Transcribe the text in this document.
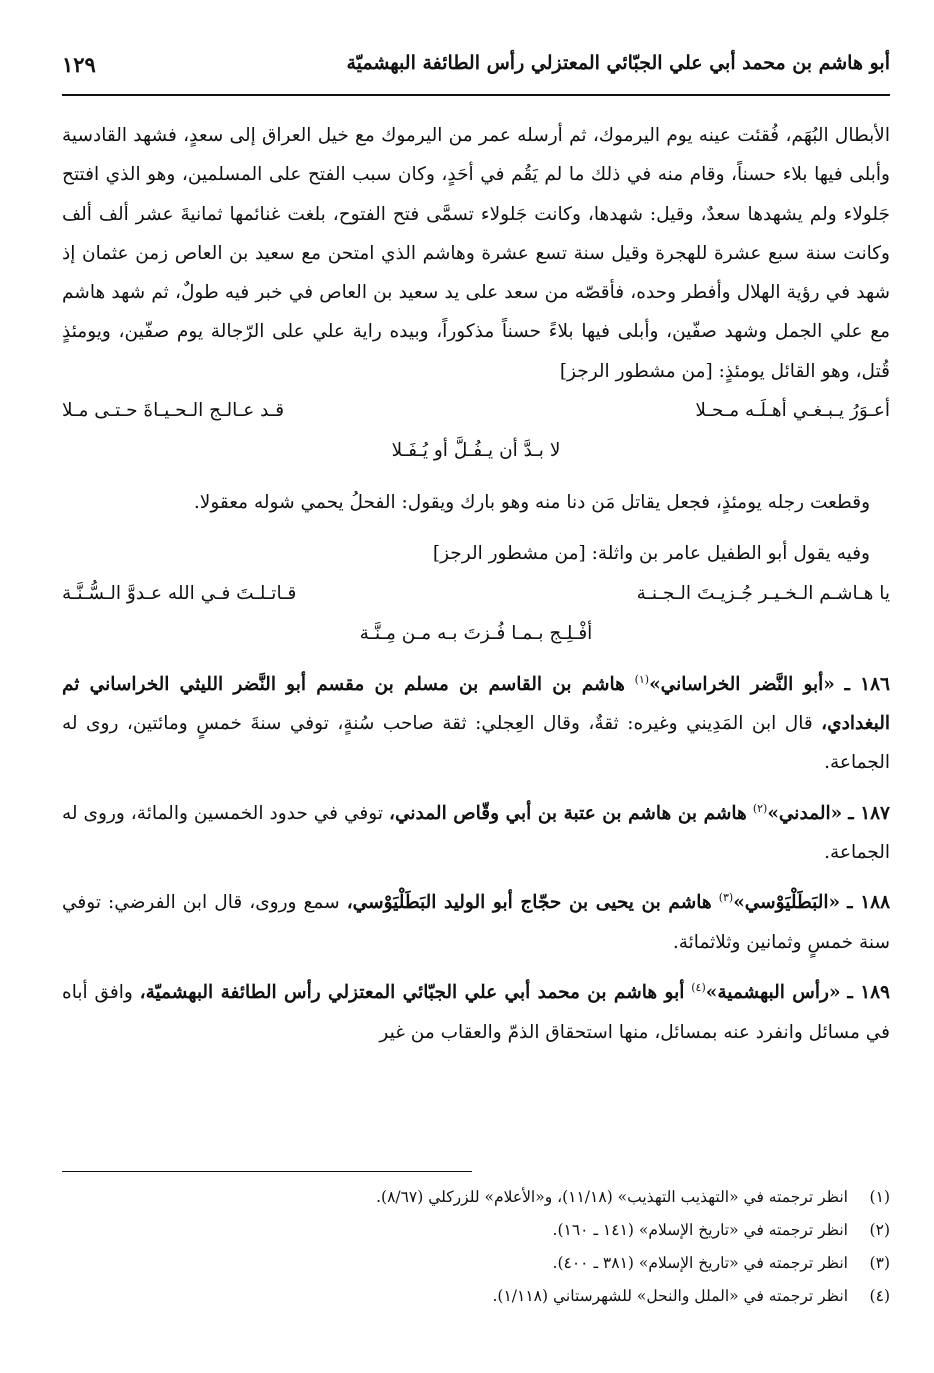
أبو هاشم بن محمد أبي علي الجبّائي المعتزلي رأس الطائفة البهشميّة
١٢٩

الأبطال البُهَم، فُقئت عينه يوم اليرموك، ثم أرسله عمر من اليرموك مع خيل العراق إلى سعدٍ، فشهد القادسية وأبلى فيها بلاء حسناً، وقام منه في ذلك ما لم يَقُم في أحَدٍ، وكان سبب الفتح على المسلمين، وهو الذي افتتح جَلولاء ولم يشهدها سعدٌ، وقيل: شهدها، وكانت جَلولاء تسمَّى فتح الفتوح، بلغت غنائمها ثمانيةَ عشر ألف ألف وكانت سنة سبع عشرة للهجرة وقيل سنة تسع عشرة وهاشم الذي امتحن مع سعيد بن العاص زمن عثمان إذ شهد في رؤية الهلال وأفطر وحده، فأقصّه من سعد على يد سعيد بن العاص في خبر فيه طولٌ، ثم شهد هاشم مع علي الجمل وشهد صفّين، وأبلى فيها بلاءً حسناً مذكوراً، وبيده راية علي على الرّجالة يوم صفّين، ويومئذٍ قُتل، وهو القائل يومئذٍ: [من مشطور الرجز]

أعـوَرُ يـبـغـي أهـلَـه مـحـلا
قـد عـالـج الـحـيـاةَ حـتـى مـلا
لا بـدَّ أن يـفُـلَّ أو يُـفَـلا

وقطعت رجله يومئذٍ، فجعل يقاتل مَن دنا منه وهو بارك ويقول: الفحلُ يحمي شوله معقولا.

وفيه يقول أبو الطفيل عامر بن واثلة: [من مشطور الرجز]

يا هـاشـم الـخـيـر جُـزيـتَ الـجـنـة
قـاتـلـتَ فـي الله عـدوَّ الـسُّـنَّـة
أفْـلِـج بـمـا فُـزتَ بـه مـن مِـنَّـة

١٨٦ ـ «أبو النَّضر الخراساني»$^{(١)}$ هاشم بن القاسم بن مسلم بن مقسم أبو النَّضر الليثي الخراساني ثم البغدادي، قال ابن المَدِيني وغيره: ثقةٌ، وقال العِجلي: ثقة صاحب سُنةٍ، توفي سنةَ خمسٍ ومائتين، روى له الجماعة.

١٨٧ ـ «المدني»$^{(٢)}$ هاشم بن هاشم بن عتبة بن أبي وقّاص المدني، توفي في حدود الخمسين والمائة، وروى له الجماعة.

١٨٨ ـ «البَطَلْيَوْسي»$^{(٣)}$ هاشم بن يحيى بن حجّاج أبو الوليد البَطَلْيَوْسي، سمع وروى، قال ابن الفرضي: توفي سنة خمسٍ وثمانين وثلاثمائة.

١٨٩ ـ «رأس البهشمية»$^{(٤)}$ أبو هاشم بن محمد أبي علي الجبّائي المعتزلي رأس الطائفة البهشميّة، وافق أباه في مسائل وانفرد عنه بمسائل، منها استحقاق الذمّ والعقاب من غير

(١)
انظر ترجمته في «التهذيب التهذيب» (١١/١٨)، و«الأعلام» للزركلي (٨/٦٧).
(٢)
انظر ترجمته في «تاريخ الإسلام» (١٤١ ـ ١٦٠).
(٣)
انظر ترجمته في «تاريخ الإسلام» (٣٨١ ـ ٤٠٠).
(٤)
انظر ترجمته في «الملل والنحل» للشهرستاني (١/١١٨).
